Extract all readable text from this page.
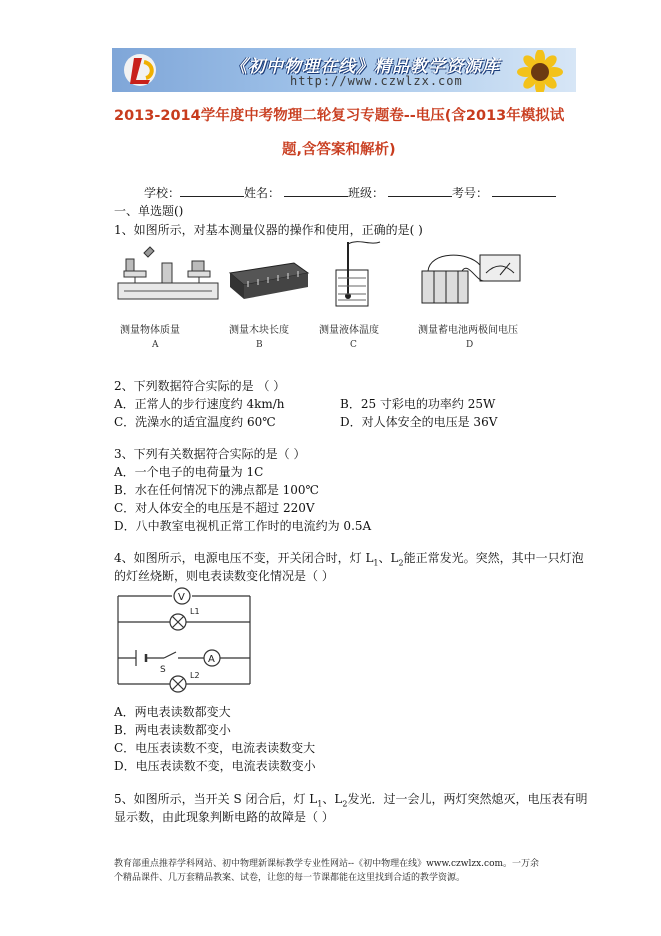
《初中物理在线》精品教学资源库
http://www.czwlzx.com
2013-2014学年度中考物理二轮复习专题卷--电压(含2013年模拟试
题,含答案和解析)
学校：	姓名：	班级：	考号：
一、单选题()
1、如图所示，对基本测量仪器的操作和使用，正确的是( )
测量物体质量	测量木块长度	测量液体温度	测量蓄电池两极间电压
A	B	C	D
2、下列数据符合实际的是 （ ）
A．正常人的步行速度约 4km/h	B．25 寸彩电的功率约 25W
C．洗澡水的适宜温度约 60℃	D．对人体安全的电压是 36V
3、下列有关数据符合实际的是（ ）
A．一个电子的电荷量为 1C
B．水在任何情况下的沸点都是 100℃
C．对人体安全的电压是不超过 220V
D．八中教室电视机正常工作时的电流约为 0.5A
4、如图所示，电源电压不变，开关闭合时，灯 $L_1$、$L_2$能正常发光。突然，其中一只灯泡
的灯丝烧断，则电表读数变化情况是（ ）
V
A
L1
L2
S
A．两电表读数都变大
B．两电表读数都变小
C．电压表读数不变，电流表读数变大
D．电压表读数不变，电流表读数变小
5、如图所示，当开关 S 闭合后，灯 $L_1$、$L_2$发光．过一会儿，两灯突然熄灭，电压表有明
显示数，由此现象判断电路的故障是（ ）
教育部重点推荐学科网站、初中物理新课标教学专业性网站--《初中物理在线》www.czwlzx.com。一万余
个精品课件、几万套精品教案、试卷，让您的每一节课都能在这里找到合适的教学资源。
